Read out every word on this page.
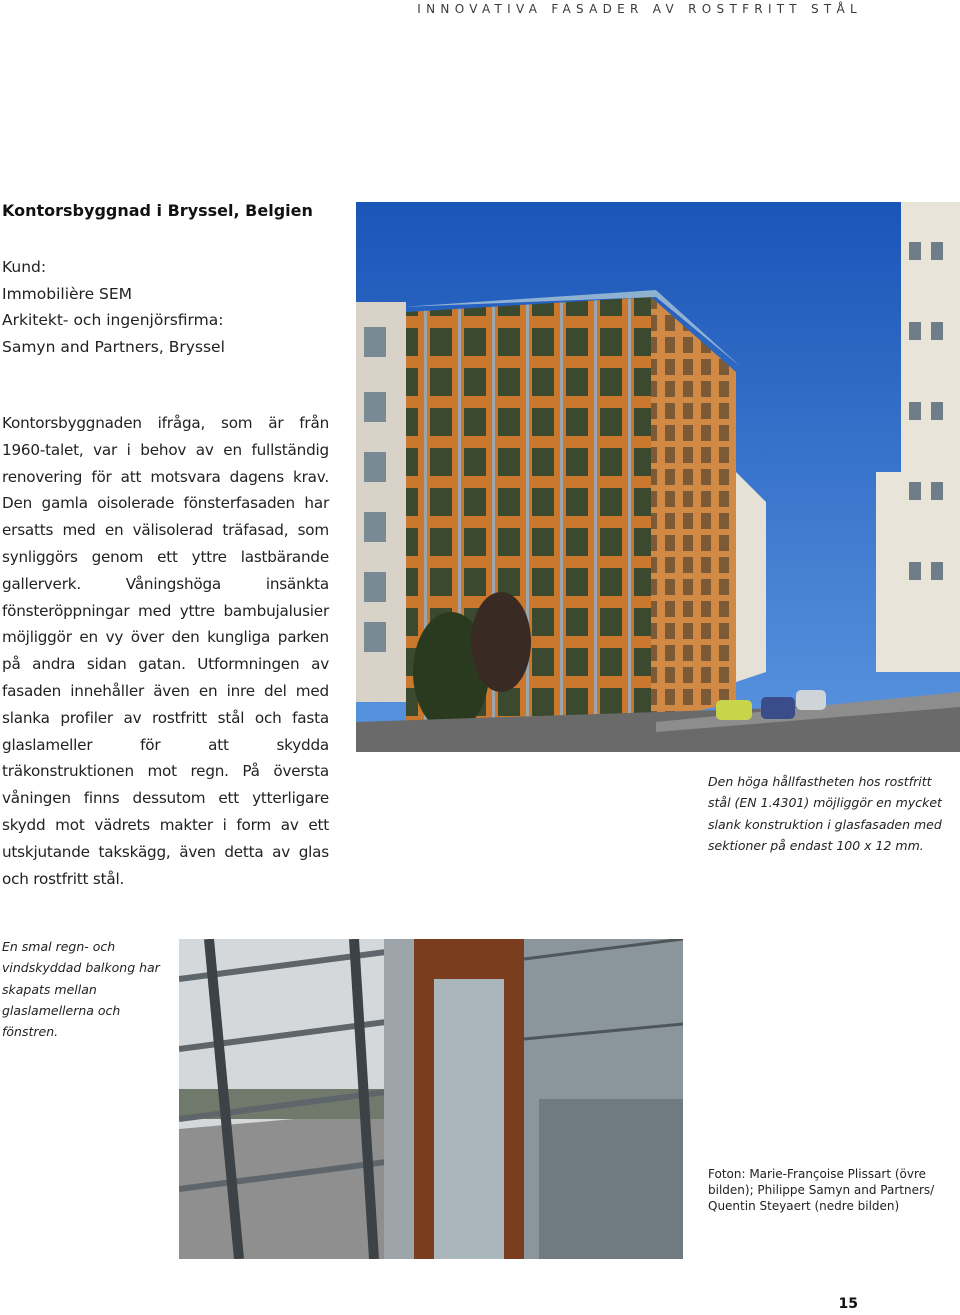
INNOVATIVA FASADER AV ROSTFRITT STÅL
Kontorsbyggnad i Bryssel, Belgien
Kund:
Immobilière SEM
Arkitekt- och ingenjörsfirma:
Samyn and Partners, Bryssel
Kontorsbyggnaden ifråga, som är från 1960-talet, var i behov av en fullständig renovering för att motsvara dagens krav. Den gamla oisolerade fönsterfasaden har ersatts med en välisolerad träfasad, som synliggörs genom ett yttre lastbärande gallerverk. Våningshöga insänkta fönsteröppningar med yttre bambujalusier möjliggör en vy över den kungliga parken på andra sidan gatan. Utformningen av fasaden innehåller även en inre del med slanka profiler av rostfritt stål och fasta glaslameller för att skydda träkonstruktionen mot regn. På översta våningen finns dessutom ett ytterligare skydd mot vädrets makter i form av ett utskjutande takskägg, även detta av glas och rostfritt stål.
Den höga hållfastheten hos rostfritt stål (EN 1.4301) möjliggör en mycket slank konstruktion i glasfasaden med sektioner på endast 100 x 12 mm.
En smal regn- och vindskyddad balkong har skapats mellan glaslamellerna och fönstren.
Foton: Marie-Françoise Plissart (övre bilden); Philippe Samyn and Partners/ Quentin Steyaert (nedre bilden)
15
